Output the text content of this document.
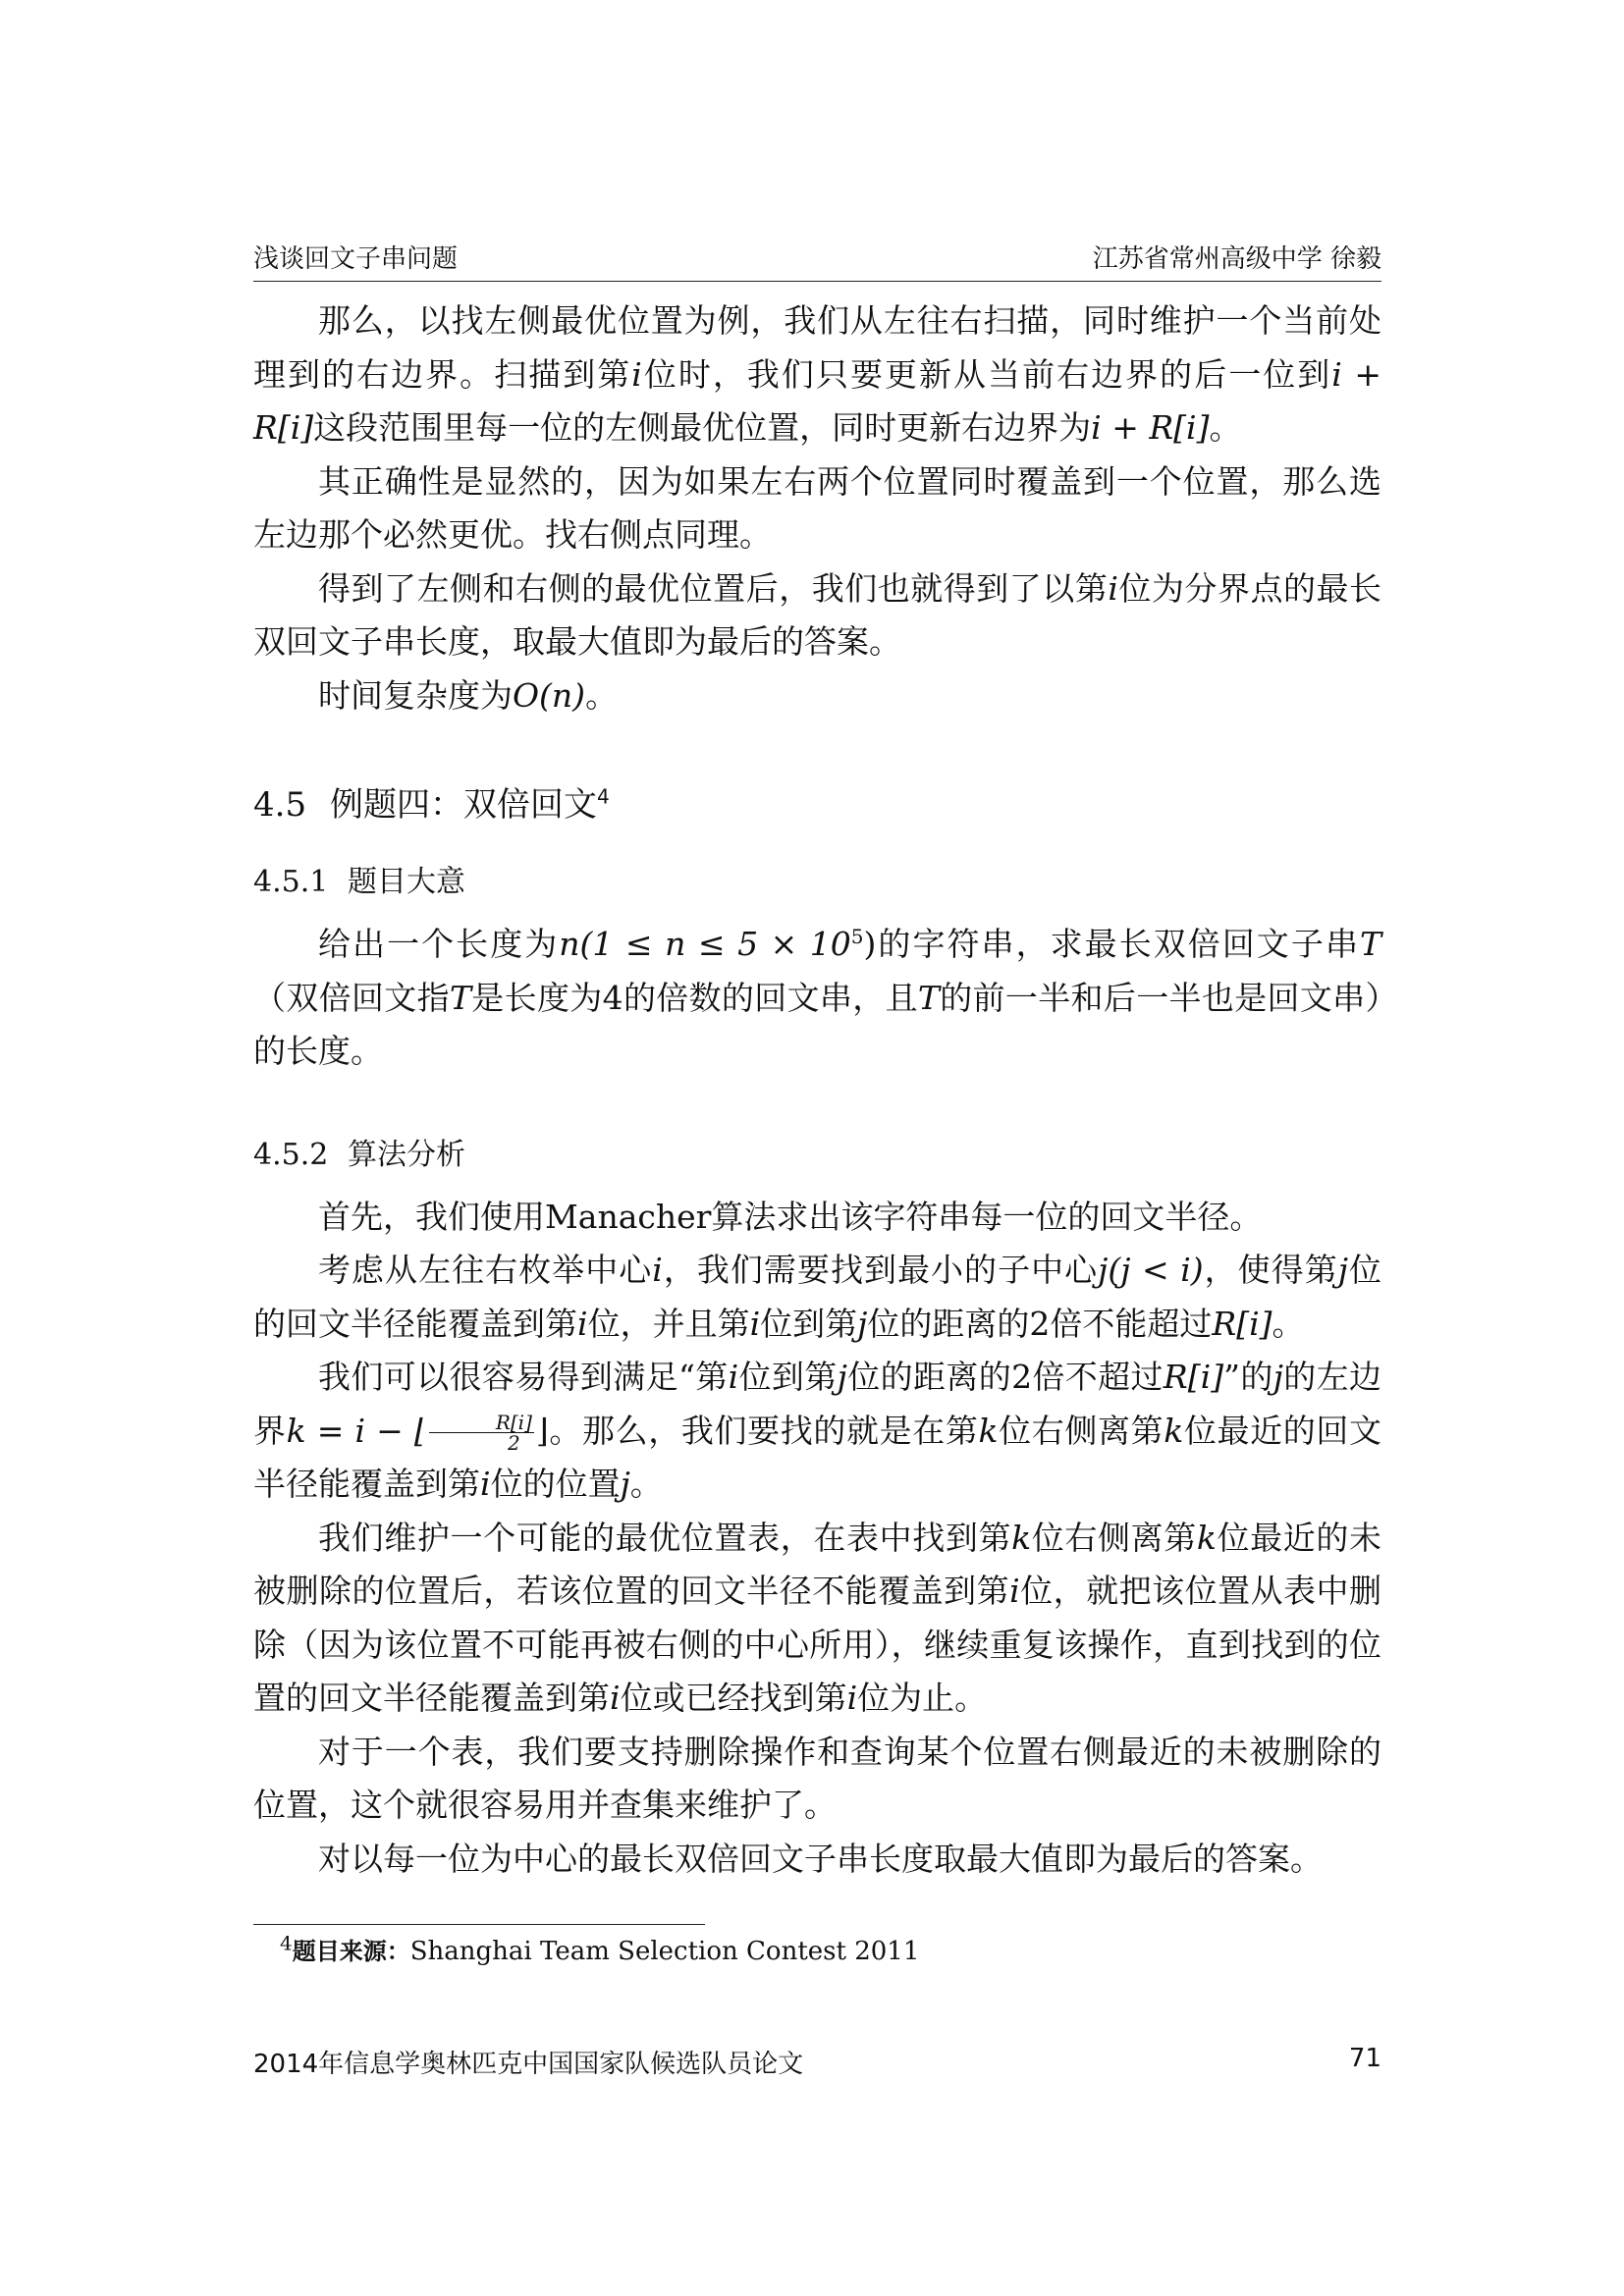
浅谈回文子串问题	江苏省常州高级中学 徐毅

那么，以找左侧最优位置为例，我们从左往右扫描，同时维护一个当前处理到的右边界。扫描到第i位时，我们只要更新从当前右边界的后一位到i + R[i]这段范围里每一位的左侧最优位置，同时更新右边界为i + R[i]。

其正确性是显然的，因为如果左右两个位置同时覆盖到一个位置，那么选左边那个必然更优。找右侧点同理。

得到了左侧和右侧的最优位置后，我们也就得到了以第i位为分界点的最长双回文子串长度，取最大值即为最后的答案。

时间复杂度为O(n)。

4.5 例题四：双倍回文$^4$
4.5.1 题目大意

给出一个长度为$n(1 \le n \le 5 \times 10^5)$的字符串，求最长双倍回文子串T（双倍回文指T是长度为4的倍数的回文串，且T的前一半和后一半也是回文串）的长度。

4.5.2 算法分析

首先，我们使用Manacher算法求出该字符串每一位的回文半径。

考虑从左往右枚举中心i，我们需要找到最小的子中心j(j < i)，使得第j位的回文半径能覆盖到第i位，并且第i位到第j位的距离的2倍不能超过R[i]。

我们可以很容易得到满足“第i位到第j位的距离的2倍不超过R[i]”的j的左边界k = i − ⌊ $\frac{R[i]}{2}$ ⌋。那么，我们要找的就是在第k位右侧离第k位最近的回文半径能覆盖到第i位的位置j。

我们维护一个可能的最优位置表，在表中找到第k位右侧离第k位最近的未被删除的位置后，若该位置的回文半径不能覆盖到第i位，就把该位置从表中删除（因为该位置不可能再被右侧的中心所用），继续重复该操作，直到找到的位置的回文半径能覆盖到第i位或已经找到第i位为止。

对于一个表，我们要支持删除操作和查询某个位置右侧最近的未被删除的位置，这个就很容易用并查集来维护了。

对以每一位为中心的最长双倍回文子串长度取最大值即为最后的答案。

$^4$题目来源：Shanghai Team Selection Contest 2011
2014年信息学奥林匹克中国国家队候选队员论文	71
